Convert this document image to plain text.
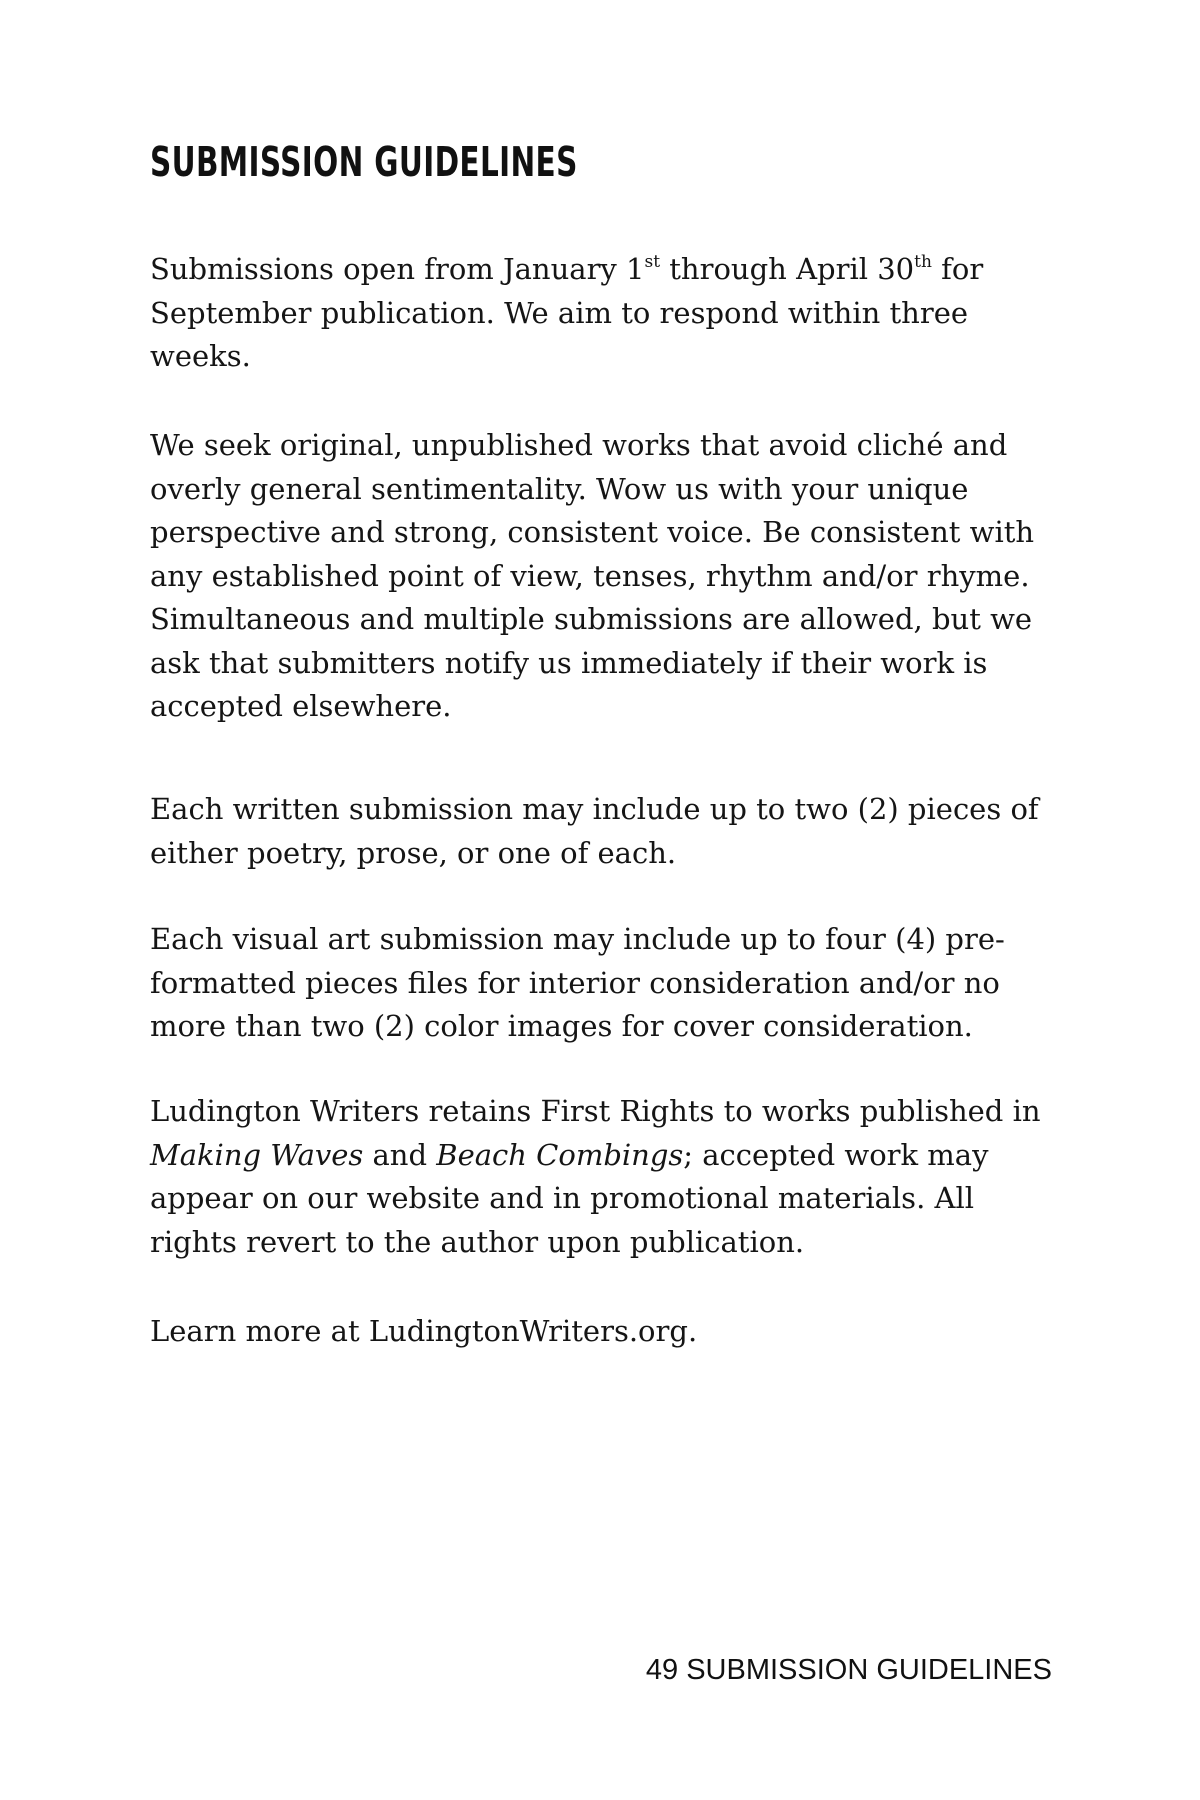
SUBMISSION GUIDELINES

Submissions open from January 1st through April 30th for September publication. We aim to respond within three weeks.

We seek original, unpublished works that avoid cliché and overly general sentimentality. Wow us with your unique perspective and strong, consistent voice. Be consistent with any established point of view, tenses, rhythm and/or rhyme. Simultaneous and multiple submissions are allowed, but we ask that submitters notify us immediately if their work is accepted elsewhere.

Each written submission may include up to two (2) pieces of either poetry, prose, or one of each.

Each visual art submission may include up to four (4) pre-formatted pieces files for interior consideration and/or no more than two (2) color images for cover consideration.

Ludington Writers retains First Rights to works published in Making Waves and Beach Combings; accepted work may appear on our website and in promotional materials. All rights revert to the author upon publication.

Learn more at LudingtonWriters.org.

49 SUBMISSION GUIDELINES
